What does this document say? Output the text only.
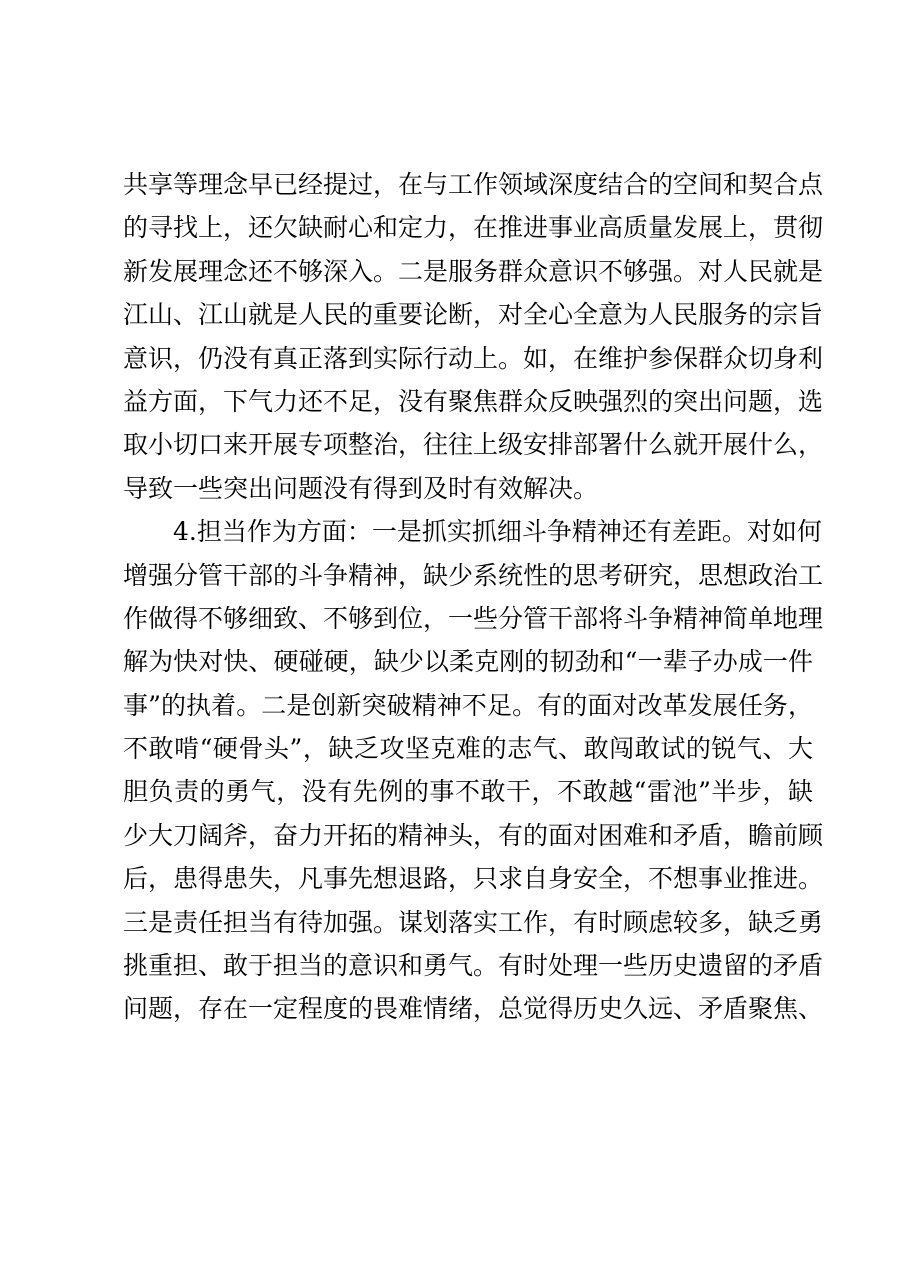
共享等理念早已经提过，在与工作领域深度结合的空间和契合点
的寻找上，还欠缺耐心和定力，在推进事业高质量发展上，贯彻
新发展理念还不够深入。二是服务群众意识不够强。对人民就是
江山、江山就是人民的重要论断，对全心全意为人民服务的宗旨
意识，仍没有真正落到实际行动上。如，在维护参保群众切身利
益方面，下气力还不足，没有聚焦群众反映强烈的突出问题，选
取小切口来开展专项整治，往往上级安排部署什么就开展什么，
导致一些突出问题没有得到及时有效解决。
　　4.担当作为方面：一是抓实抓细斗争精神还有差距。对如何
增强分管干部的斗争精神，缺少系统性的思考研究，思想政治工
作做得不够细致、不够到位，一些分管干部将斗争精神简单地理
解为快对快、硬碰硬，缺少以柔克刚的韧劲和“一辈子办成一件
事”的执着。二是创新突破精神不足。有的面对改革发展任务，
不敢啃“硬骨头”，缺乏攻坚克难的志气、敢闯敢试的锐气、大
胆负责的勇气，没有先例的事不敢干，不敢越“雷池”半步，缺
少大刀阔斧，奋力开拓的精神头，有的面对困难和矛盾，瞻前顾
后，患得患失，凡事先想退路，只求自身安全，不想事业推进。
三是责任担当有待加强。谋划落实工作，有时顾虑较多，缺乏勇
挑重担、敢于担当的意识和勇气。有时处理一些历史遗留的矛盾
问题，存在一定程度的畏难情绪，总觉得历史久远、矛盾聚焦、
